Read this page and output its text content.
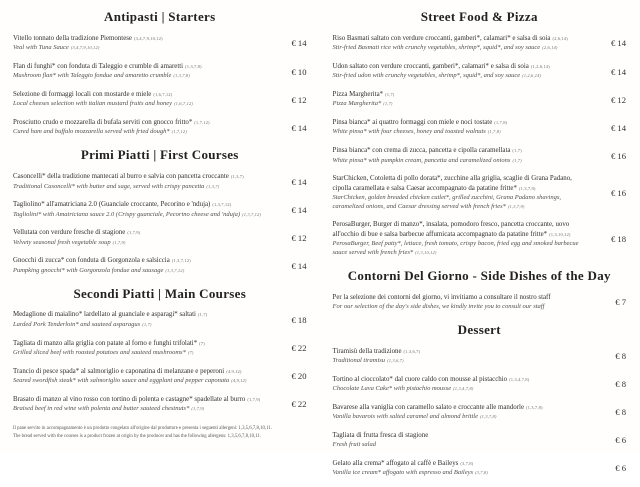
Antipasti | Starters
Vitello tonnato della tradizione Piemontese (3,4,7,9,10,12)
Veal with Tuna Sauce (3,4,7,9,10,12)	€ 14
Flan di funghi* con fonduta di Taleggio e crumble di amaretti (1,3,7,8)
Mushroom flan* with Taleggio fondue and amaretto crumble (1,3,7,8)	€ 10
Selezione di formaggi locali con mostarde e miele (1,6,7,12)
Local cheeses selection with italian mustard fruits and honey (1,6,7,12)	€ 12
Prosciutto crudo e mozzarella di bufala serviti con gnocco fritto* (1,7,12)
Cured ham and buffalo mozzarella served with fried dough* (1,7,12)	€ 14
Primi Piatti | First Courses
Casoncelli* della tradizione mantecati al burro e salvia con pancetta croccante (1,3,7)
Traditional Casoncelli* with butter and sage, served with crispy pancetta (1,3,7)	€ 14
Tagliolino* all'amatriciana 2.0 (Guanciale croccante, Pecorino e 'nduja) (1,3,7,12)
Tagliolini* with Amatriciana sauce 2.0 (Crispy guanciale, Pecorino cheese and 'nduja) (1,3,7,12)	€ 14
Vellutata con verdure fresche di stagione (1,7,9)
Velvety seasonal fresh vegetable soup (1,7,9)	€ 12
Gnocchi di zucca* con fonduta di Gorgonzola e salsiccia (1,3,7,12)
Pumpking gnocchi* with Gorgonzola fondue and sausage (1,3,7,12)	€ 14
Secondi Piatti | Main Courses
Medaglione di maialino* lardellato al guanciale e asparagi* saltati (1,7)
Larded Pork Tenderloin* and sauteed asparagus (1,7)	€ 18
Tagliata di manzo alla griglia con patate al forno e funghi trifolati* (7)
Grilled sliced beef with roasted potatoes and sauteed mushrooms* (7)	€ 22
Trancio di pesce spada* al salmoriglio e caponatina di melanzane e peperoni (4,9,12)
Seared swordfish steak* with salmoriglio sauce and eggplant and pepper caponata (4,9,12)	€ 20
Brasato di manzo al vino rosso con tortino di polenta e castagne* spadellate al burro (1,7,9)
Braised beef in red wine with polenta and butter sauteed chestnuts* (1,7,9)	€ 22
Street Food & Pizza
Riso Basmati saltato con verdure croccanti, gamberi*, calamari* e salsa di soia (2,6,14)
Stir-fried Basmati rice with crunchy vegetables, shrimp*, squid*, and soy sauce (2,6,14)	€ 14
Udon saltato con verdure croccanti, gamberi*, calamari* e salsa di soia (1,2,6,14)
Stir-fried udon with crunchy vegetables, shrimp*, squid*, and soy sauce (1,2,6,14)	€ 14
Pizza Margherita* (1,7)
Pizza Margherita* (1,7)	€ 12
Pinsa bianca* ai quattro formaggi con miele e noci tostate (1,7,8)
White pinsa* with four cheeses, honey and toasted walnuts (1,7,8)	€ 14
Pinsa bianca* con crema di zucca, pancetta e cipolla caramellata (1,7)
White pinsa* with pumpkin cream, pancetta and caramelized onions (1,7)	€ 16
StarChicken, Cotoletta di pollo dorata*, zucchine alla griglia, scaglie di Grana Padano, cipolla caramellata e salsa Caesar accompagnato da patatine fritte* (1,3,7,9)
StarChicken, golden breaded chicken cutlet*, grilled zucchini, Grana Padano shavings, caramelized onions, and Caesar dressing served with french fries* (1,3,7,9)
€ 16
PerosaBurger, Burger di manzo*, insalata, pomodoro fresco, pancetta croccante, uovo all'occhio di bue e salsa barbecue affumicata accompagnato da patatine fritte* (1,3,10,12)
PerosaBurger, Beef patty*, lettuce, fresh tomato, crispy bacon, fried egg and smoked barbecue sauce served with french fries* (1,3,10,12)
€ 18
Contorni Del Giorno - Side Dishes of the Day
Per la selezione dei contorni del giorno, vi invitiamo a consultare il nostro staff
For our selection of the day's side dishes, we kindly invite you to consult our staff	€ 7
Dessert
Tiramisù della tradizione (1,3,6,7)
Traditional tiramisu (1,3,6,7)	€ 8
Tortino al cioccolato* dal cuore caldo con mousse al pistacchio (1,3,4,7,8)
Chocolate Lava Cake* with pistachio mousse (1,3,4,7,8)	€ 8
Bavarese alla vaniglia con caramello salato e croccante alle mandorle (1,3,7,8)
Vanilla bavarois with salted caramel and almond brittle (1,3,7,8)	€ 8
Tagliata di frutta fresca di stagione
Fresh fruit salad	€ 6
Gelato alla crema* affogato al caffè e Baileys (3,7,8)
Vanilla ice cream* affogato with espresso and Baileys (3,7,8)	€ 6
Il pane servito in accompagnamento è un prodotto congelato all'origine dal produttore e presenta i seguenti allergeni: 1,3,5,6,7,8,10,11.
The bread served with the courses is a product frozen at origin by the producer and has the following allergens: 1,3,5,6,7,8,10,11.
